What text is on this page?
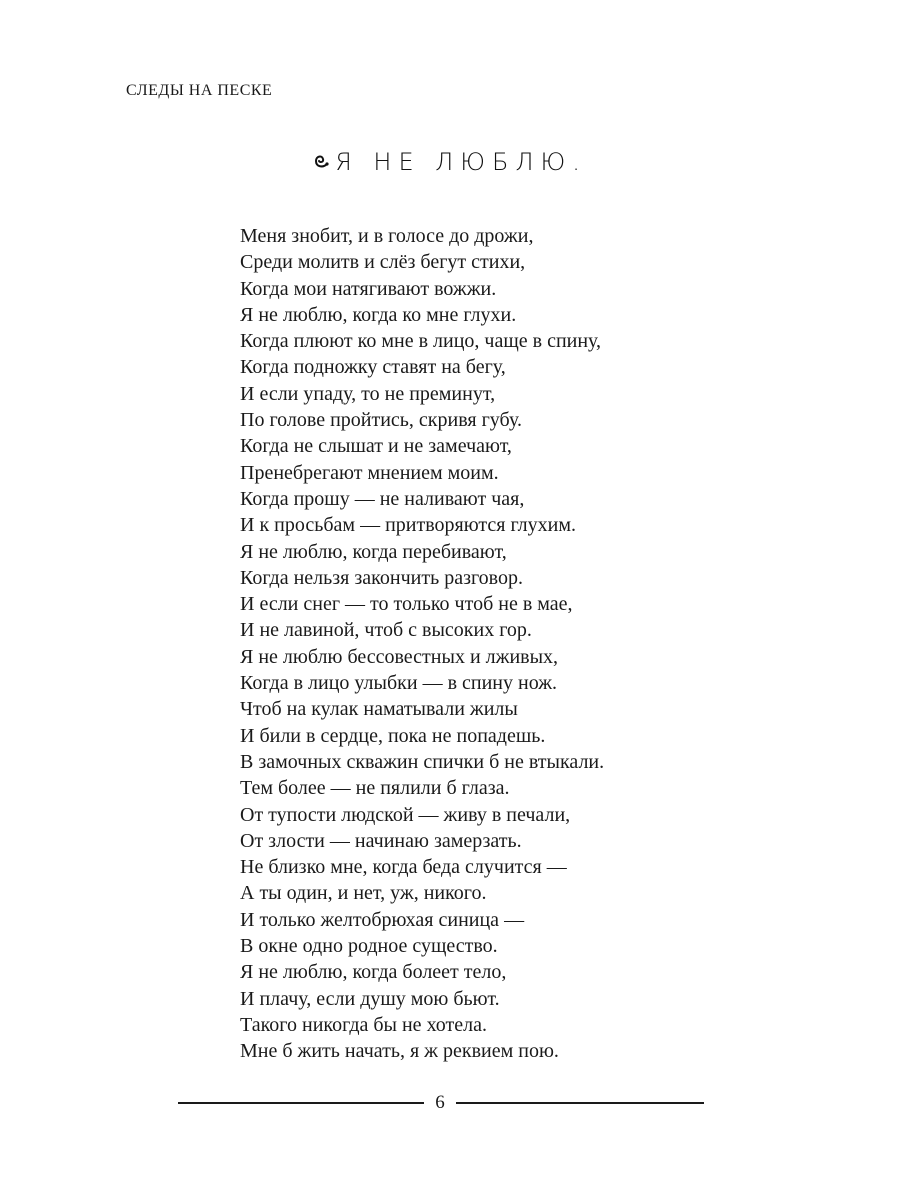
СЛЕДЫ НА ПЕСКЕ
Я НЕ ЛЮБЛЮ.
Меня знобит, и в голосе до дрожи,
Среди молитв и слёз бегут стихи,
Когда мои натягивают вожжи.
Я не люблю, когда ко мне глухи.
Когда плюют ко мне в лицо, чаще в спину,
Когда подножку ставят на бегу,
И если упаду, то не преминут,
По голове пройтись, скривя губу.
Когда не слышат и не замечают,
Пренебрегают мнением моим.
Когда прошу — не наливают чая,
И к просьбам — притворяются глухим.
Я не люблю, когда перебивают,
Когда нельзя закончить разговор.
И если снег — то только чтоб не в мае,
И не лавиной, чтоб с высоких гор.
Я не люблю бессовестных и лживых,
Когда в лицо улыбки — в спину нож.
Чтоб на кулак наматывали жилы
И били в сердце, пока не попадешь.
В замочных скважин спички б не втыкали.
Тем более — не пялили б глаза.
От тупости людской — живу в печали,
От злости — начинаю замерзать.
Не близко мне, когда беда случится —
А ты один, и нет, уж, никого.
И только желтобрюхая синица —
В окне одно родное существо.
Я не люблю, когда болеет тело,
И плачу, если душу мою бьют.
Такого никогда бы не хотела.
Мне б жить начать, я ж реквием пою.
6
